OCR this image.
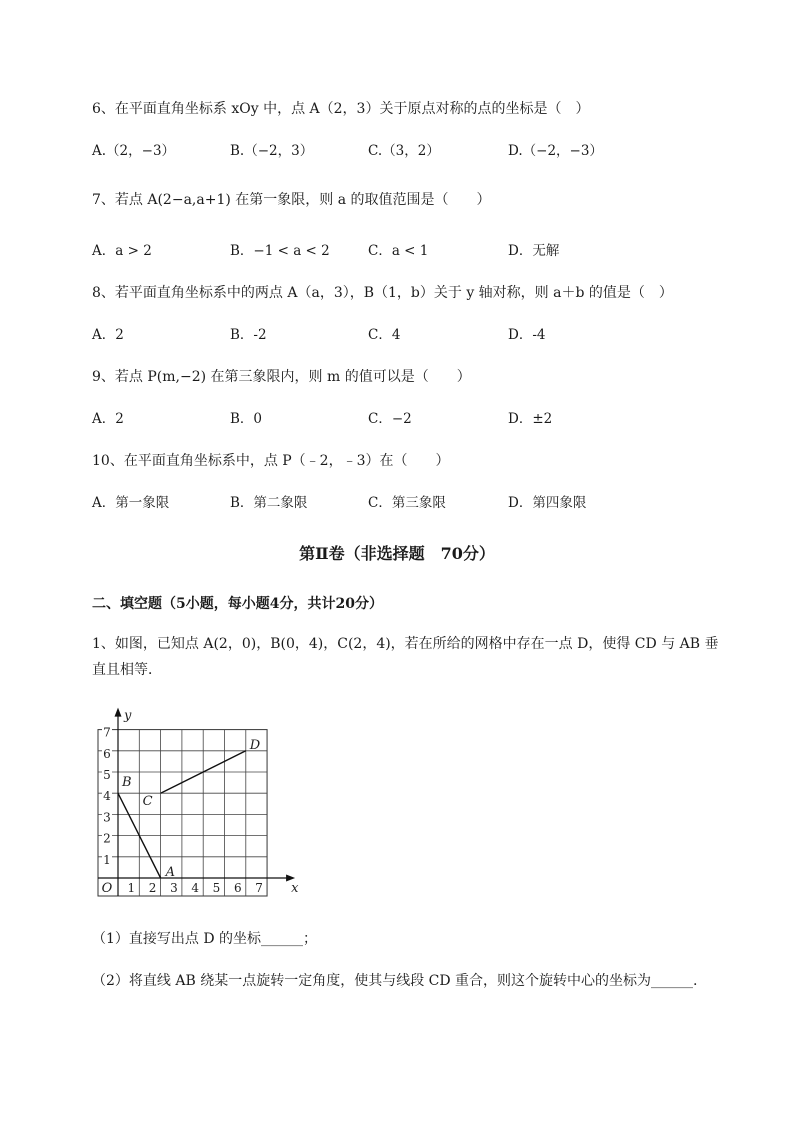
6、在平面直角坐标系 xOy 中，点 A（2，3）关于原点对称的点的坐标是（　）
A.（2，−3）	B.（−2，3）	C.（3，2）	D.（−2，−3）
7、若点 A(2−a,a+1) 在第一象限，则 a 的取值范围是（　　）
A．a > 2	B．−1 < a < 2	C．a < 1	D．无解
8、若平面直角坐标系中的两点 A（a，3），B（1，b）关于 y 轴对称，则 a＋b 的值是（　）
A．2	B．-2	C．4	D．-4
9、若点 P(m,−2) 在第三象限内，则 m 的值可以是（　　）
A．2	B．0	C．−2	D．±2
10、在平面直角坐标系中，点 P（﹣2，﹣3）在（　　）
A．第一象限	B．第二象限	C．第三象限	D．第四象限
第Ⅱ卷（非选择题　70分）
二、填空题（5小题，每小题4分，共计20分）
1、如图，已知点 A(2，0)，B(0，4)，C(2，4)，若在所给的网格中存在一点 D，使得 CD 与 AB 垂直且相等．
1 2 3 4 5 6 7
1
2
3
4
5
6
7
O	x
y
A
B
C
D
（1）直接写出点 D 的坐标______；
（2）将直线 AB 绕某一点旋转一定角度，使其与线段 CD 重合，则这个旋转中心的坐标为______.
